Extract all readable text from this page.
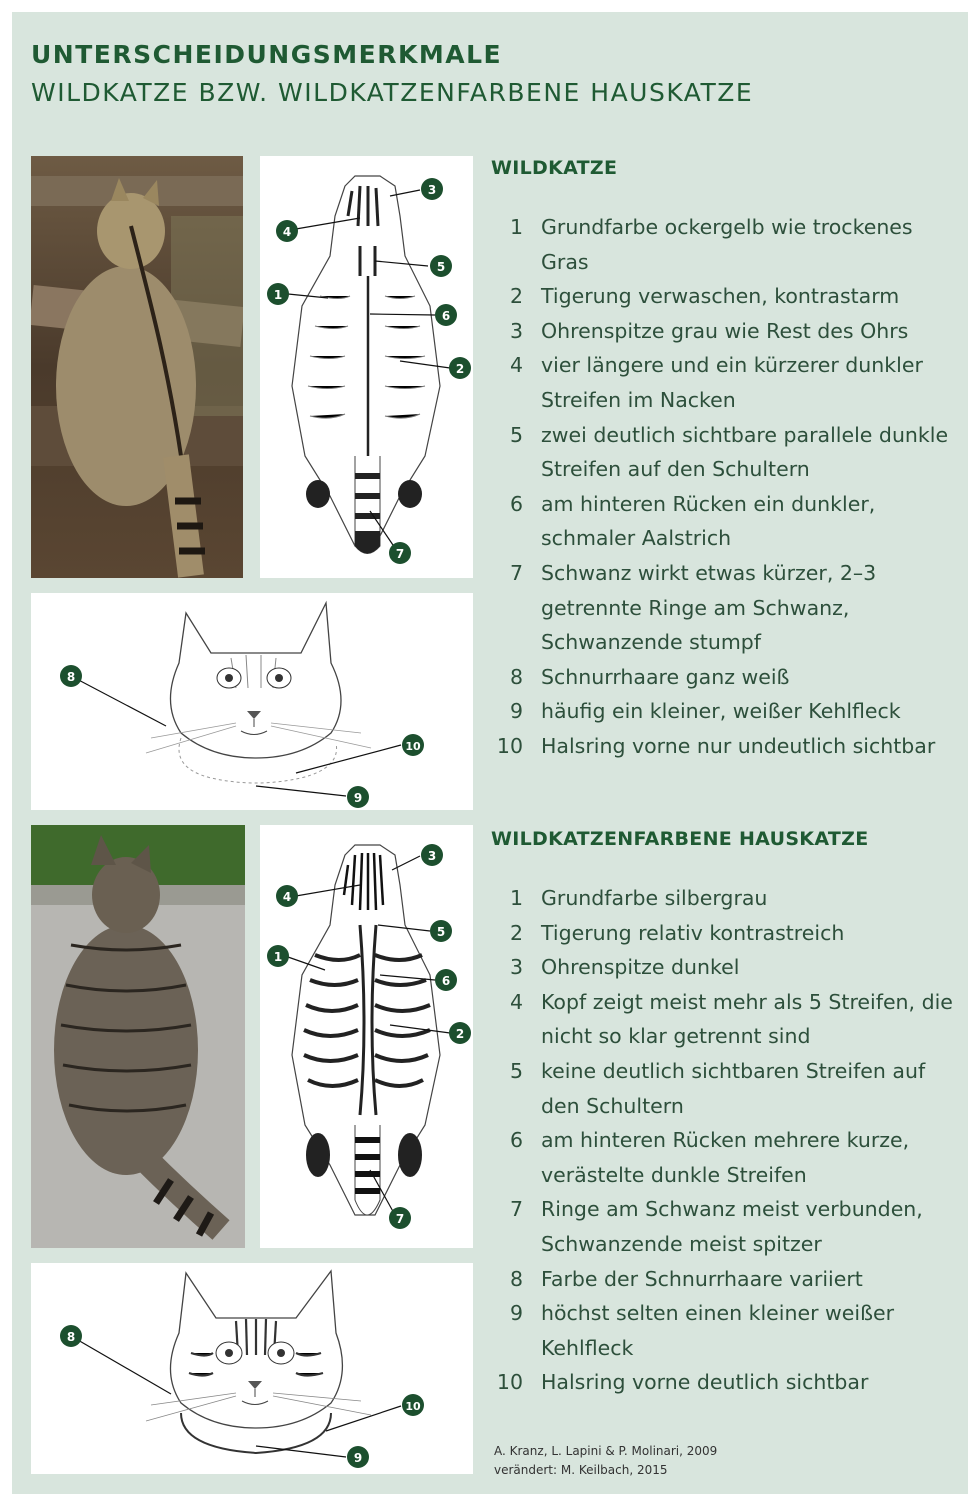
UNTERSCHEIDUNGSMERKMALE
WILDKATZE BZW. WILDKATZENFARBENE HAUSKATZE
4
3
5
1
6
2
7
8
10
9
WILDKATZE
1 Grundfarbe ockergelb wie trockenes Gras
2 Tigerung verwaschen, kontrastarm
3 Ohrenspitze grau wie Rest des Ohrs
4 vier längere und ein kürzerer dunkler Streifen im Nacken
5 zwei deutlich sichtbare parallele dunkle Streifen auf den Schultern
6 am hinteren Rücken ein dunkler, schmaler Aalstrich
7 Schwanz wirkt etwas kürzer, 2–3 getrennte Ringe am Schwanz, Schwanzende stumpf
8 Schnurrhaare ganz weiß
9 häufig ein kleiner, weißer Kehlfleck
10 Halsring vorne nur undeutlich sichtbar
4
3
5
1
6
2
7
8
10
9
WILDKATZENFARBENE HAUSKATZE
1 Grundfarbe silbergrau
2 Tigerung relativ kontrastreich
3 Ohrenspitze dunkel
4 Kopf zeigt meist mehr als 5 Streifen, die nicht so klar getrennt sind
5 keine deutlich sichtbaren Streifen auf den Schultern
6 am hinteren Rücken mehrere kurze, verästelte dunkle Streifen
7 Ringe am Schwanz meist verbunden, Schwanzende meist spitzer
8 Farbe der Schnurrhaare variiert
9 höchst selten einen kleiner weißer Kehlfleck
10 Halsring vorne deutlich sichtbar
A. Kranz, L. Lapini & P. Molinari, 2009
verändert: M. Keilbach, 2015
